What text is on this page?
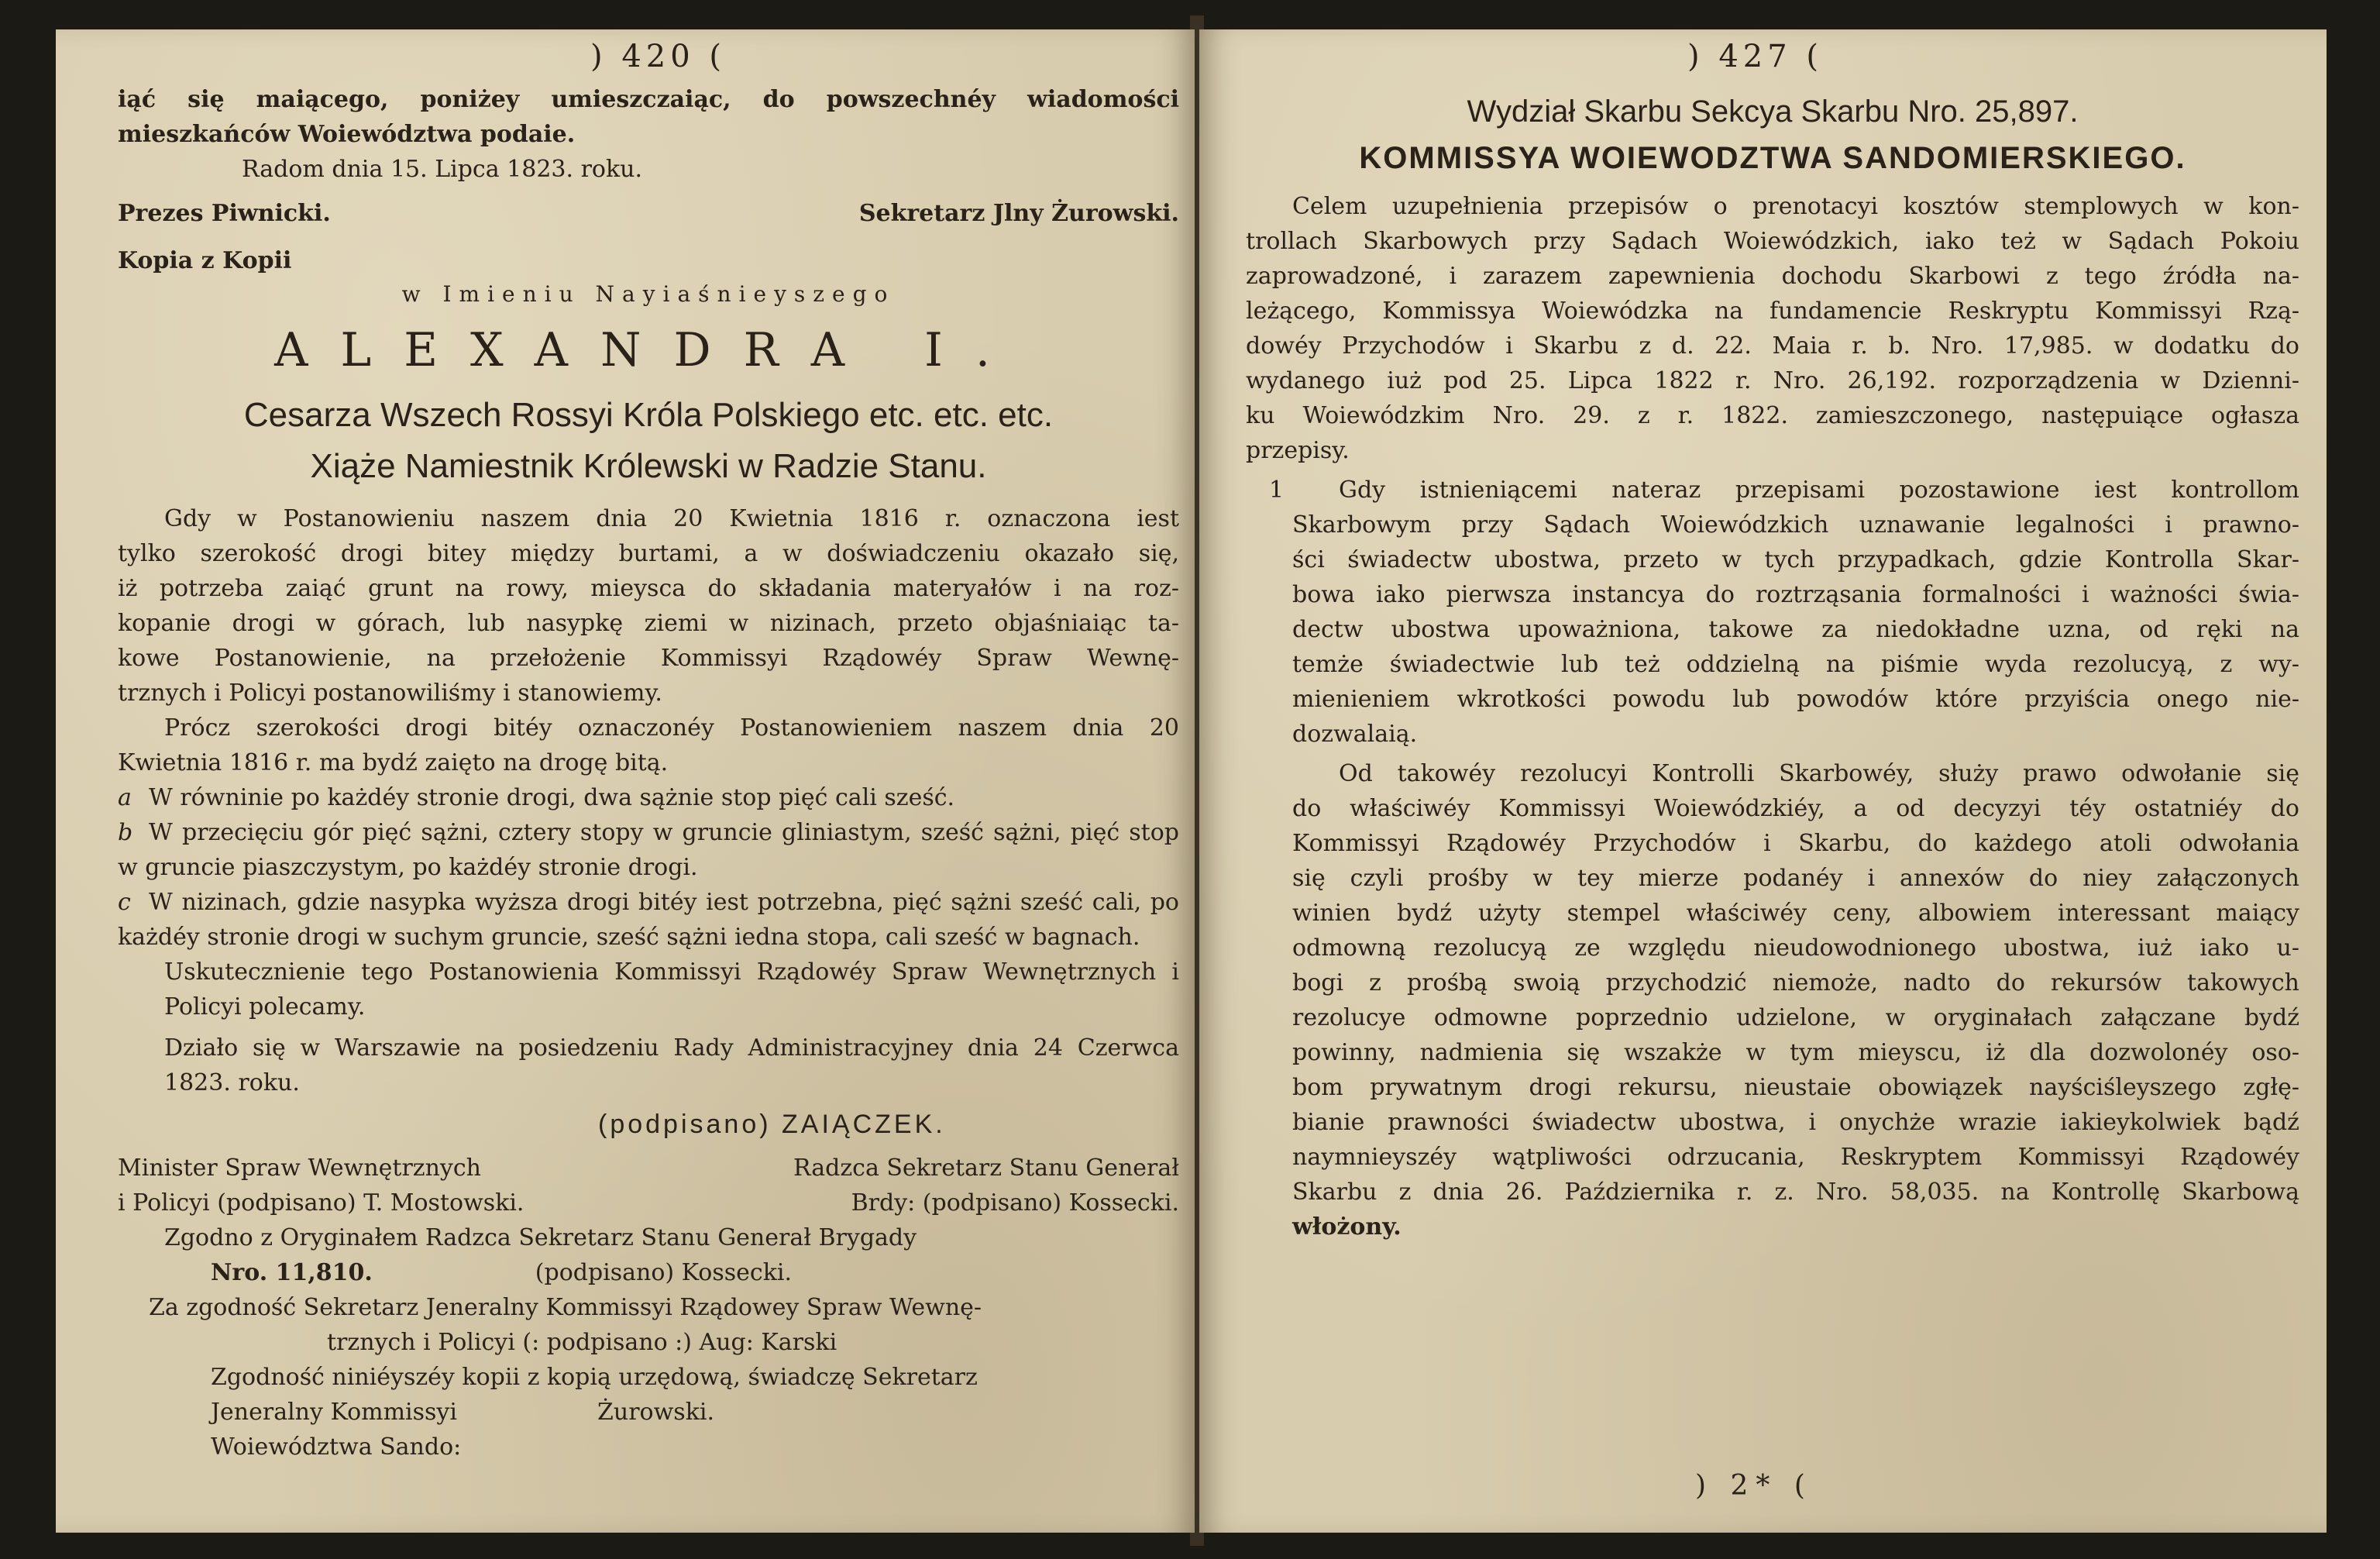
) 420 (
iąć się maiącego, poniżey umieszczaiąc, do powszechnéy wiadomości mieszkańców Woiewództwa podaie.
Radom dnia 15. Lipca 1823. roku.
Prezes Piwnicki.	Sekretarz Jlny Żurowski.
Kopia z Kopii
w Imieniu Nayiaśnieyszego
ALEXANDRA I.
Cesarza Wszech Rossyi Króla Polskiego etc. etc. etc.
Xiąże Namiestnik Królewski w Radzie Stanu.
Gdy w Postanowieniu naszem dnia 20 Kwietnia 1816 r. oznaczona iest
tylko szerokość drogi bitey między burtami, a w doświadczeniu okazało się,
iż potrzeba zaiąć grunt na rowy, mieysca do składania materyałów i na roz-
kopanie drogi w górach, lub nasypkę ziemi w nizinach, przeto objaśniaiąc ta-
kowe Postanowienie, na przełożenie Kommissyi Rządowéy Spraw Wewnę-
trznych i Policyi postanowiliśmy i stanowiemy.
Prócz szerokości drogi bitéy oznaczonéy Postanowieniem naszem dnia 20
Kwietnia 1816 r. ma bydź zaięto na drogę bitą.
a W równinie po każdéy stronie drogi, dwa sążnie stop pięć cali sześć.
b W przecięciu gór pięć sążni, cztery stopy w gruncie gliniastym, sześć sążni, pięć stop w gruncie piaszczystym, po każdéy stronie drogi.
c W nizinach, gdzie nasypka wyższa drogi bitéy iest potrzebna, pięć sążni sześć cali, po każdéy stronie drogi w suchym gruncie, sześć sążni iedna stopa, cali sześć w bagnach.
Uskutecznienie tego Postanowienia Kommissyi Rządowéy Spraw Wewnętrznych i Policyi polecamy.
Działo się w Warszawie na posiedzeniu Rady Administracyjney dnia 24 Czerwca 1823. roku.
(podpisano) ZAIĄCZEK.
Minister Spraw Wewnętrznych	Radzca Sekretarz Stanu Generał
i Policyi (podpisano) T. Mostowski.	Brdy: (podpisano) Kossecki.
Zgodno z Oryginałem Radzca Sekretarz Stanu Generał Brygady
Nro. 11,810.	(podpisano) Kossecki.
Za zgodność Sekretarz Jeneralny Kommissyi Rządowey Spraw Wewnę-
trznych i Policyi (: podpisano :) Aug: Karski
Zgodność niniéyszéy kopii z kopią urzędową, świadczę Sekretarz
Jeneralny Kommissyi Woiewództwa Sando:
Żurowski.
) 427 (
Wydział Skarbu Sekcya Skarbu Nro. 25,897.
KOMMISSYA WOIEWODZTWA SANDOMIERSKIEGO.
Celem uzupełnienia przepisów o prenotacyi kosztów stemplowych w kon-
trollach Skarbowych przy Sądach Woiewódzkich, iako też w Sądach Pokoiu
zaprowadzoné, i zarazem zapewnienia dochodu Skarbowi z tego źródła na-
leżącego, Kommissya Woiewódzka na fundamencie Reskryptu Kommissyi Rzą-
dowéy Przychodów i Skarbu z d. 22. Maia r. b. Nro. 17,985. w dodatku do
wydanego iuż pod 25. Lipca 1822 r. Nro. 26,192. rozporządzenia w Dzienni-
ku Woiewódzkim Nro. 29. z r. 1822. zamieszczonego, następuiące ogłasza
przepisy.
1	Gdy istnieniącemi nateraz przepisami pozostawione iest kontrollom
Skarbowym przy Sądach Woiewódzkich uznawanie legalności i prawno-
ści świadectw ubostwa, przeto w tych przypadkach, gdzie Kontrolla Skar-
bowa iako pierwsza instancya do roztrząsania formalności i ważności świa-
dectw ubostwa upoważniona, takowe za niedokładne uzna, od ręki na
temże świadectwie lub też oddzielną na piśmie wyda rezolucyą, z wy-
mienieniem wkrotkości powodu lub powodów które przyiścia onego nie-
dozwalaią.
Od takowéy rezolucyi Kontrolli Skarbowéy, służy prawo odwołanie się
do właściwéy Kommissyi Woiewódzkiéy, a od decyzyi téy ostatniéy do
Kommissyi Rządowéy Przychodów i Skarbu, do każdego atoli odwołania
się czyli prośby w tey mierze podanéy i annexów do niey załączonych
winien bydź użyty stempel właściwéy ceny, albowiem interessant maiący
odmowną rezolucyą ze względu nieudowodnionego ubostwa, iuż iako u-
bogi z prośbą swoią przychodzić niemoże, nadto do rekursów takowych
rezolucye odmowne poprzednio udzielone, w oryginałach załączane bydź
powinny, nadmienia się wszakże w tym mieyscu, iż dla dozwolonéy oso-
bom prywatnym drogi rekursu, nieustaie obowiązek nayściśleyszego zgłę-
bianie prawności świadectw ubostwa, i onychże wrazie iakieykolwiek bądź
naymnieyszéy wątpliwości odrzucania, Reskryptem Kommissyi Rządowéy
Skarbu z dnia 26. Października r. z. Nro. 58,035. na Kontrollę Skarbową
włożony.
) 2* (
